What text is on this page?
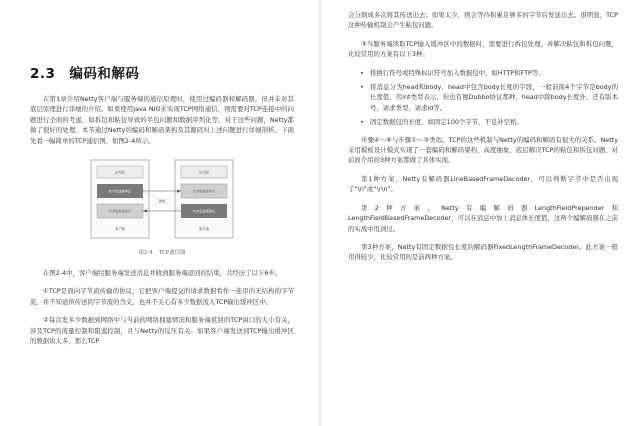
2.3 编码和解码

在第1章介绍Netty客户端与服务端的通信原理时，使用过编码器和解码器，但并未对其底层原理进行详细的介绍。如果使用Java NIO来实现TCP网络通信，则需要对TCP连接中的问题进行全面的考虑，如拆包和粘包导致的半包问题和数据序列化等。对于这些问题，Netty都做了很好的处理。本节通过Netty的编码和解码架构及其源码对上述问题进行详细剖析。下面先看一幅简单的TCP通信图，如图2-4所示。

应用层
TCP发送缓冲区
TCP接收缓冲区
客户端
应用层
TCP接收缓冲区
TCP发送缓冲区
服务端
网络
图2-4 TCP通信图

在图2-4中，客户端给服务端发送消息并收到服务端返回的结果，共经历了以下6步。

①TCP是面向字节流传输的协议，它把客户端提交的请求数据看作一连串的无结构的字节流，并不知道所传送的字节流的含义，也并不关心有多少数据流入TCP输出缓冲区中。

②每次发多少数据到网络中与当前的网络拥塞情况和服务端返回的TCP窗口的大小有关，涉及TCP的流量控制和阻塞控制，且与Netty的反压有关。如果客户端发送到TCP输出缓冲区的数据块太多，那么TCP

会分割成多次将其传送出去；如果太少，则会等待积累足够多的字节后发送出去。很明显，TCP这种传输机制会产生粘包问题。

③当服务端读取TCP输入缓冲区中的数据时，需要进行拆包处理，并解决粘包和拆包问题，比较常用的方案有以下3种。

• 将换行符号或特殊标识符号加入数据包中，如HTTP和FTP等。
• 将消息分为head和body，head中包含body长度的字段，一般前面4个字节是body的长度值，用int类型表示，但也有像Dubbo协议那种，head中除body长度外，还有版本号、请求类型、请求id等。
• 固定数据包的长度，如固定100个字节，不足补空格。

步骤④～⑥与步骤①～③类似。TCP的这些机制与Netty的编码和解码有很大的关系。Netty采用模板设计模式实现了一套编码和解码架构，高度抽象，底层解决TCP的粘包和拆包问题，对前面介绍的3种方案都做了具体实现。

第1种方案，Netty有解码器LineBasedFrameDecoder，可以判断字节中是否出现了“\n”或“\r\n”。

第2种方案，Netty有编解码器LengthFieldPrepender和LengthFieldBasedFrameDecoder，可以在消息中加上消息体长度值，这两个编解码器在之前的实战中用到过。

第3种方案，Netty有固定数据包长度的解码器FixedLengthFrameDecoder。此方案一般用得较少，比较常用的是前两种方案。
